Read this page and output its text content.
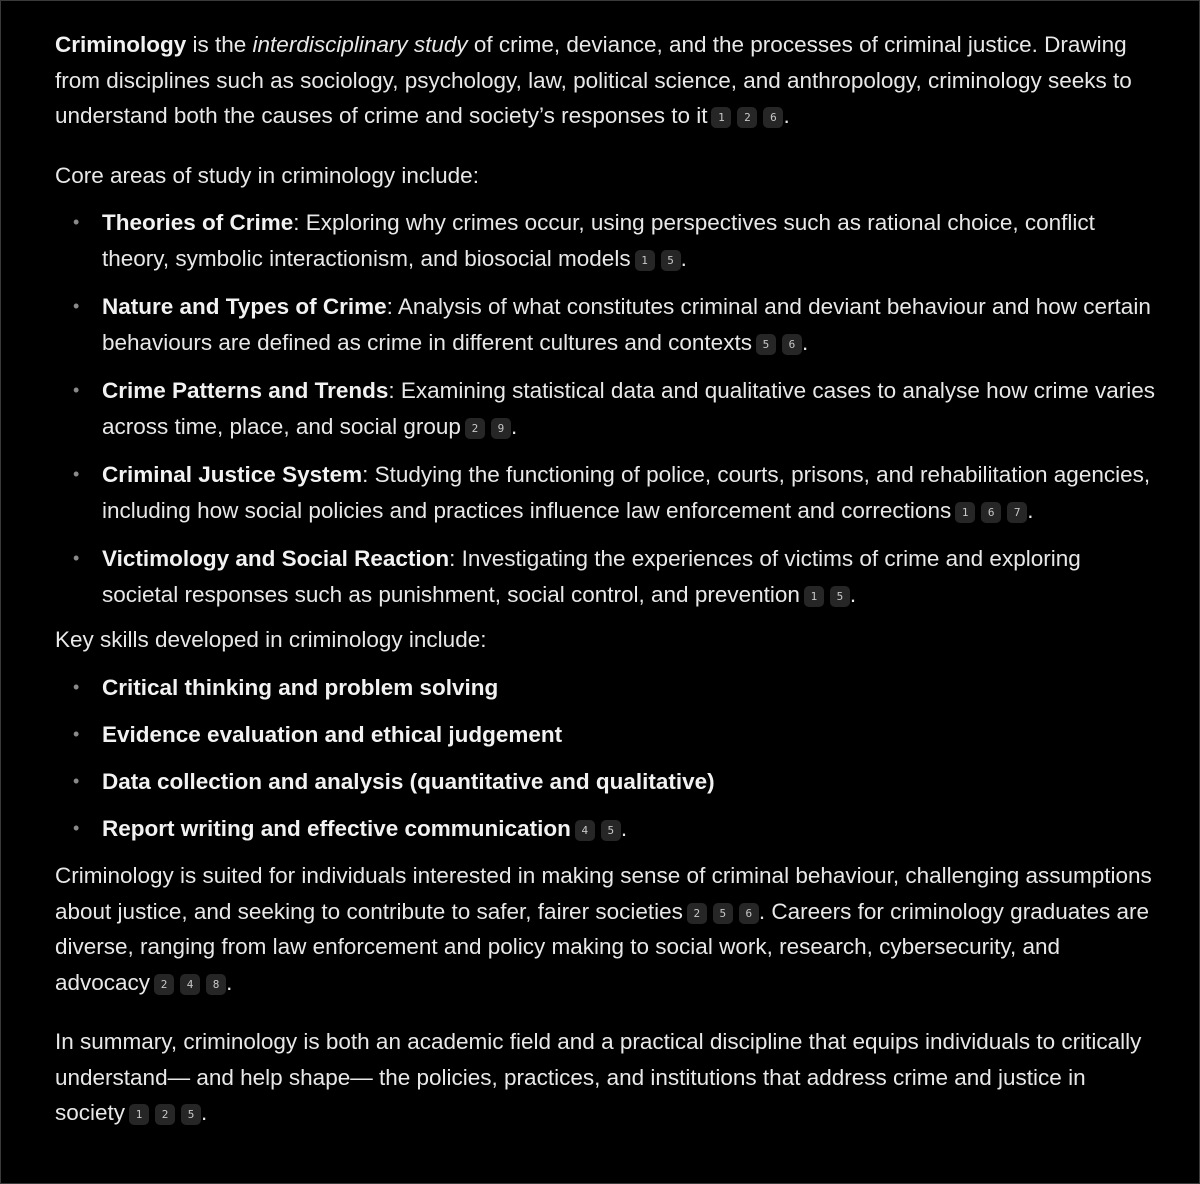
Criminology is the interdisciplinary study of crime, deviance, and the processes of criminal justice. Drawing from disciplines such as sociology, psychology, law, political science, and anthropology, criminology seeks to understand both the causes of crime and society’s responses to it 1 2 6 .

Core areas of study in criminology include:

• Theories of Crime: Exploring why crimes occur, using perspectives such as rational choice, conflict theory, symbolic interactionism, and biosocial models 1 5 .
• Nature and Types of Crime: Analysis of what constitutes criminal and deviant behaviour and how certain behaviours are defined as crime in different cultures and contexts 5 6 .
• Crime Patterns and Trends: Examining statistical data and qualitative cases to analyse how crime varies across time, place, and social group 2 9 .
• Criminal Justice System: Studying the functioning of police, courts, prisons, and rehabilitation agencies, including how social policies and practices influence law enforcement and corrections 1 6 7 .
• Victimology and Social Reaction: Investigating the experiences of victims of crime and exploring societal responses such as punishment, social control, and prevention 1 5 .

Key skills developed in criminology include:

• Critical thinking and problem solving
• Evidence evaluation and ethical judgement
• Data collection and analysis (quantitative and qualitative)
• Report writing and effective communication 4 5 .

Criminology is suited for individuals interested in making sense of criminal behaviour, challenging assumptions about justice, and seeking to contribute to safer, fairer societies 2 5 6 . Careers for criminology graduates are diverse, ranging from law enforcement and policy making to social work, research, cybersecurity, and advocacy 2 4 8 .

In summary, criminology is both an academic field and a practical discipline that equips individuals to critically understand— and help shape— the policies, practices, and institutions that address crime and justice in society 1 2 5 .
